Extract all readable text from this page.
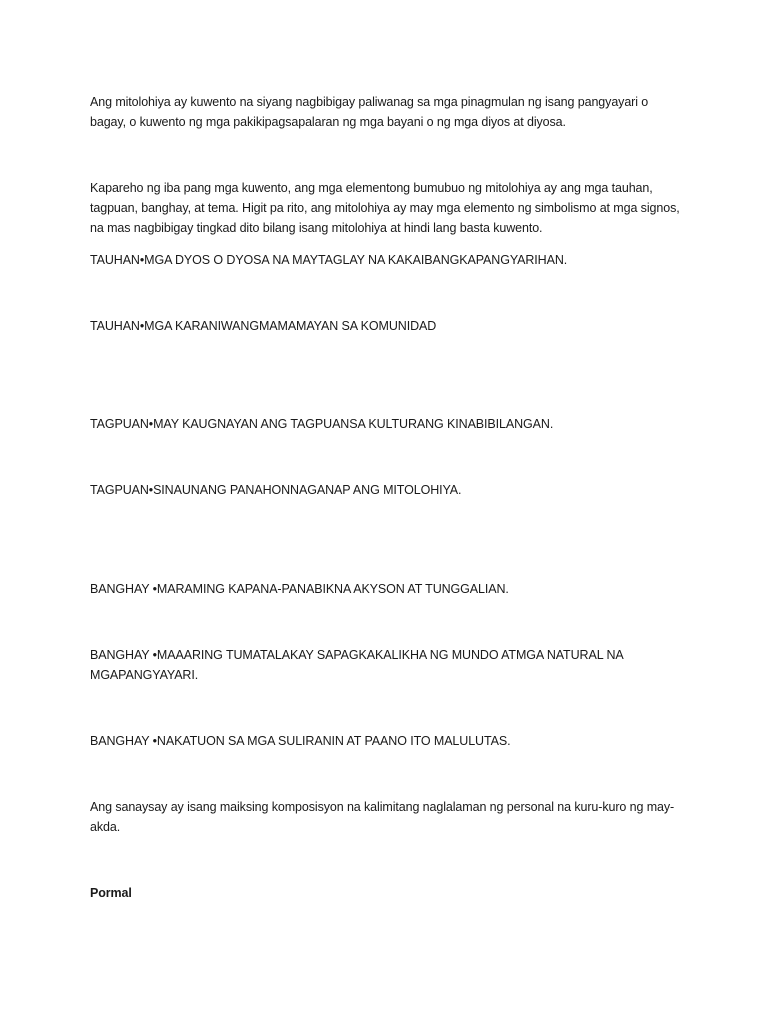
Ang mitolohiya ay kuwento na siyang nagbibigay paliwanag sa mga pinagmulan ng isang pangyayari o bagay, o kuwento ng mga pakikipagsapalaran ng mga bayani o ng mga diyos at diyosa.

Kapareho ng iba pang mga kuwento, ang mga elementong bumubuo ng mitolohiya ay ang mga tauhan, tagpuan, banghay, at tema. Higit pa rito, ang mitolohiya ay may mga elemento ng simbolismo at mga signos, na mas nagbibigay tingkad dito bilang isang mitolohiya at hindi lang basta kuwento.

TAUHAN•MGA DYOS O DYOSA NA MAYTAGLAY NA KAKAIBANGKAPANGYARIHAN.

TAUHAN•MGA KARANIWANGMAMAMAYAN SA KOMUNIDAD

TAGPUAN•MAY KAUGNAYAN ANG TAGPUANSA KULTURANG KINABIBILANGAN.

TAGPUAN•SINAUNANG PANAHONNAGANAP ANG MITOLOHIYA.

BANGHAY •MARAMING KAPANA-PANABIKNA AKYSON AT TUNGGALIAN.

BANGHAY •MAAARING TUMATALAKAY SAPAGKAKALIKHA NG MUNDO ATMGA NATURAL NA MGAPANGYAYARI.

BANGHAY •NAKATUON SA MGA SULIRANIN AT PAANO ITO MALULUTAS.

Ang sanaysay ay isang maiksing komposisyon na kalimitang naglalaman ng personal na kuru-kuro ng may-akda.

Pormal
